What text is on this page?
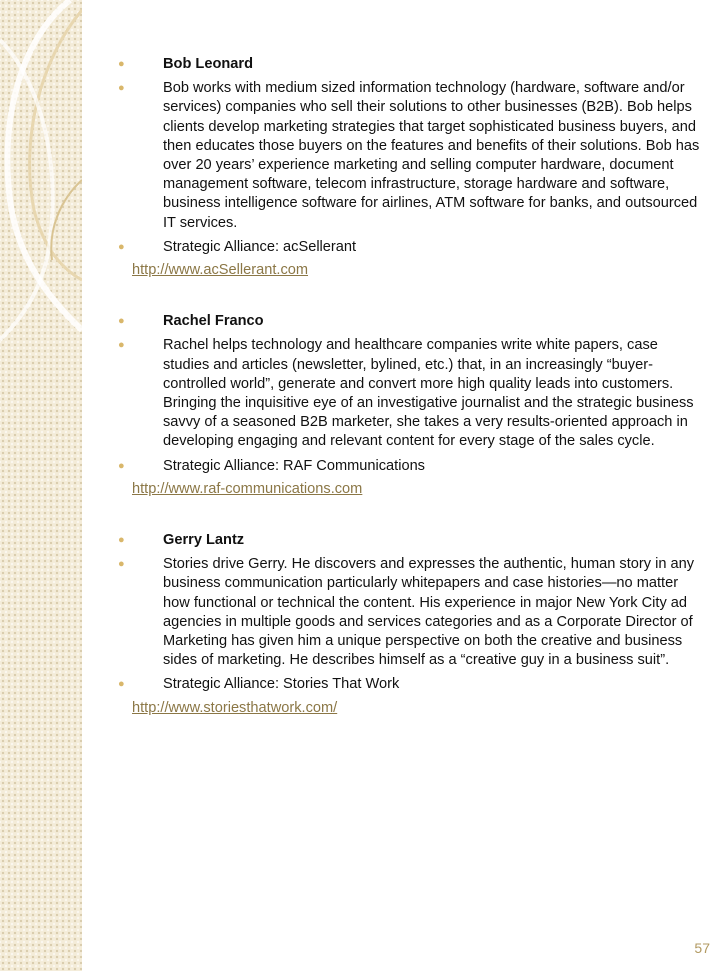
●	Bob Leonard
●	Bob works with medium sized information technology (hardware, software and/or services) companies who sell their solutions to other businesses (B2B). Bob helps clients develop marketing strategies that target sophisticated business buyers, and then educates those buyers on the features and benefits of their solutions. Bob has over 20 years’ experience marketing and selling computer hardware, document management software, telecom infrastructure, storage hardware and software, business intelligence software for airlines, ATM software for banks, and outsourced IT services.
●	Strategic Alliance: acSellerant
http://www.acSellerant.com
●	Rachel Franco
●	Rachel helps technology and healthcare companies write white papers, case studies and articles (newsletter, bylined, etc.) that, in an increasingly “buyer-controlled world”, generate and convert more high quality leads into customers. Bringing the inquisitive eye of an investigative journalist and the strategic business savvy of a seasoned B2B marketer, she takes a very results-oriented approach in developing engaging and relevant content for every stage of the sales cycle.
●	Strategic Alliance: RAF Communications
http://www.raf-communications.com
●	Gerry Lantz
●	Stories drive Gerry. He discovers and expresses the authentic, human story in any business communication particularly whitepapers and case histories—no matter how functional or technical the content. His experience in major New York City ad agencies in multiple goods and services categories and as a Corporate Director of Marketing has given him a unique perspective on both the creative and business sides of marketing. He describes himself as a “creative guy in a business suit”.
●	Strategic Alliance: Stories That Work
http://www.storiesthatwork.com/
57
